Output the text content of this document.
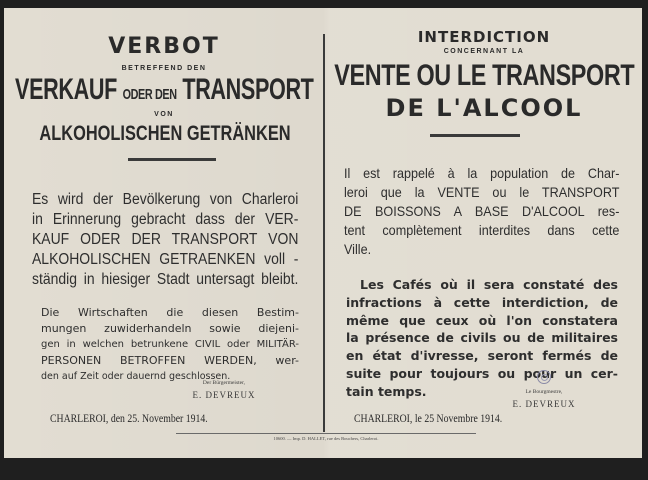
VERBOT
BETREFFEND DEN
VERKAUF ODER DEN TRANSPORT
VON
ALKOHOLISCHEN GETRÄNKEN
Es wird der Bevölkerung von Charleroi
in Erinnerung gebracht dass der VER-
KAUF ODER DER TRANSPORT VON
ALKOHOLISCHEN GETRAENKEN voll -
ständig in hiesiger Stadt untersagt bleibt.
Die Wirtschaften die diesen Bestim-
mungen zuwiderhandeln sowie diejeni-
gen in welchen betrunkene CIVIL oder MILITÄR-
PERSONEN BETROFFEN WERDEN, wer-
den auf Zeit oder dauernd geschlossen.
Der Bürgermeister,
E. DEVREUX
CHARLEROI, den 25. November 1914.
INTERDICTION
CONCERNANT LA
VENTE OU LE TRANSPORT
DE L'ALCOOL
Il est rappelé à la population de Char-
leroi que la VENTE ou le TRANSPORT
DE BOISSONS A BASE D'ALCOOL res-
tent complètement interdites dans cette
Ville.
Les Cafés où il sera constaté des
infractions à cette interdiction, de
même que ceux où l'on constatera
la présence de civils ou de militaires
en état d'ivresse, seront fermés de
suite pour toujours ou pour un cer-
tain temps.	Le Bourgmestre,
E. DEVREUX
CHARLEROI, le 25 Novembre 1914.
10600. — Imp. D. HALLET, rue des Bouchers, Charleroi.
